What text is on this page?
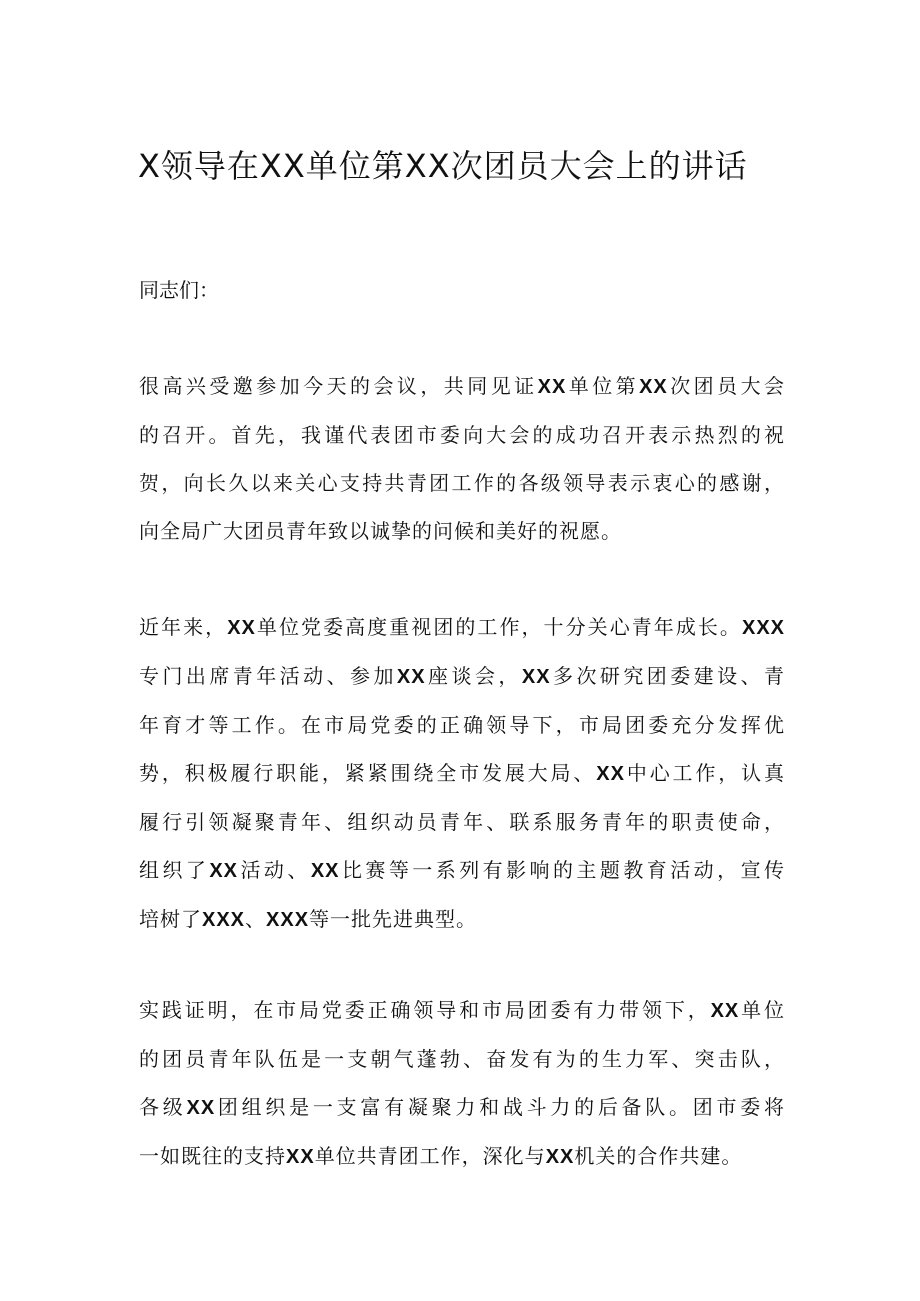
X领导在XX单位第XX次团员大会上的讲话

同志们：

很高兴受邀参加今天的会议，共同见证XX单位第XX次团员大会
的召开。首先，我谨代表团市委向大会的成功召开表示热烈的祝
贺，向长久以来关心支持共青团工作的各级领导表示衷心的感谢，
向全局广大团员青年致以诚挚的问候和美好的祝愿。
近年来，XX单位党委高度重视团的工作，十分关心青年成长。XXX
专门出席青年活动、参加XX座谈会，XX多次研究团委建设、青
年育才等工作。在市局党委的正确领导下，市局团委充分发挥优
势，积极履行职能，紧紧围绕全市发展大局、XX中心工作，认真
履行引领凝聚青年、组织动员青年、联系服务青年的职责使命，
组织了XX活动、XX比赛等一系列有影响的主题教育活动，宣传
培树了XXX、XXX等一批先进典型。
实践证明，在市局党委正确领导和市局团委有力带领下，XX单位
的团员青年队伍是一支朝气蓬勃、奋发有为的生力军、突击队，
各级XX团组织是一支富有凝聚力和战斗力的后备队。团市委将
一如既往的支持XX单位共青团工作，深化与XX机关的合作共建。
